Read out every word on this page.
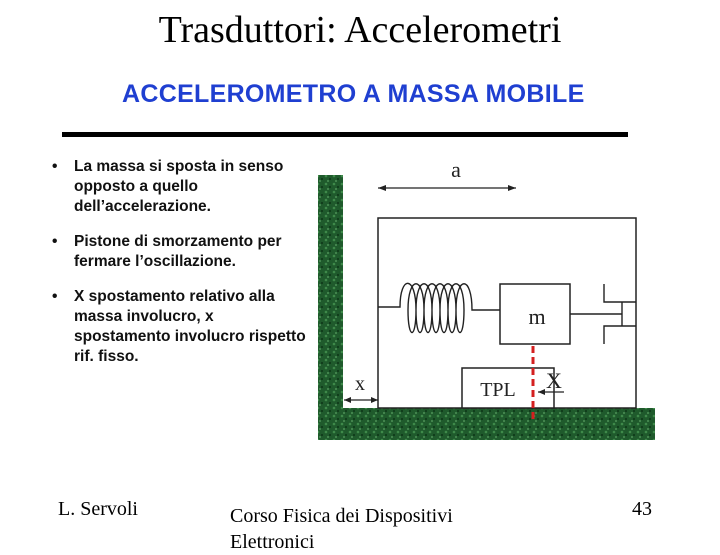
Trasduttori: Accelerometri
ACCELEROMETRO A MASSA MOBILE
• La massa si sposta in senso opposto a quello dell’accelerazione.
• Pistone di smorzamento per fermare l’oscillazione.
• X spostamento relativo alla massa involucro, x spostamento involucro rispetto rif. fisso.
a
m
TPL X
x
L. Servoli	Corso Fisica dei Dispositivi Elettronici
43
